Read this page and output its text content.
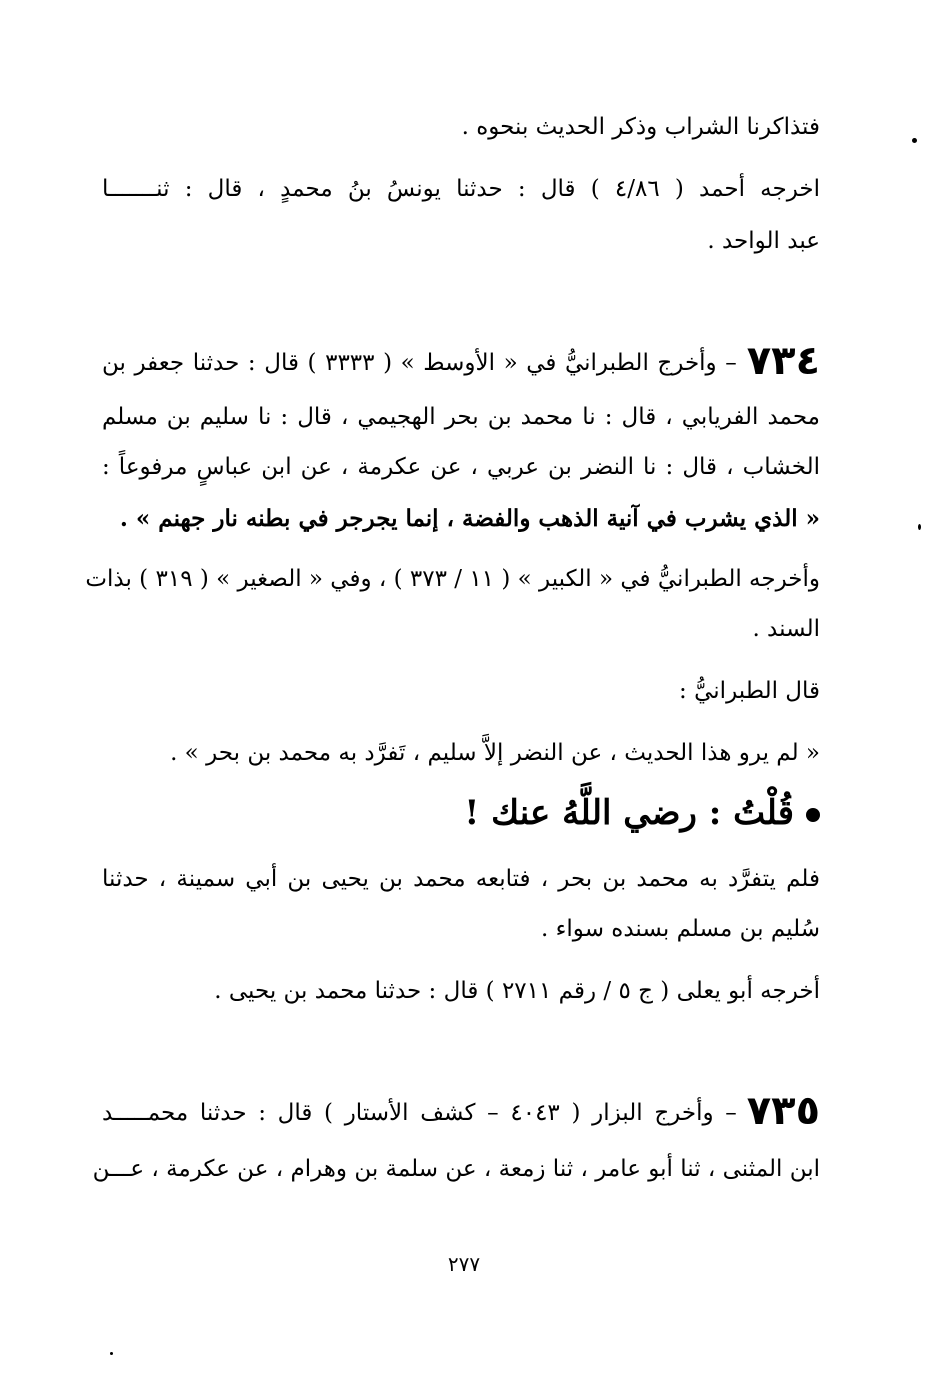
فتذاكرنا الشراب وذكر الحديث بنحوه .
اخرجه أحمد ( ٤/٨٦ ) قال : حدثنا يونسُ بنُ محمدٍ ، قال : ثنـــــــا
عبد الواحد .
٧٣٤– وأخرج الطبرانيُّ في « الأوسط » ( ٣٣٣٣ ) قال : حدثنا جعفر بن
محمد الفريابي ، قال : نا محمد بن بحر الهجيمي ، قال : نا سليم بن مسلم
الخشاب ، قال : نا النضر بن عربي ، عن عكرمة ، عن ابن عباسٍ مرفوعاً :
« الذي يشرب في آنية الذهب والفضة ، إنما يجرجر في بطنه نار جهنم » .
وأخرجه الطبرانيُّ في « الكبير » ( ١١ / ٣٧٣ ) ، وفي « الصغير » ( ٣١٩ ) بذات
السند .
قال الطبرانيُّ :
« لم يرو هذا الحديث ، عن النضر إلاَّ سليم ، تَفرَّد به محمد بن بحر » .
قُلْتُ : رضي اللَّهُ عنك !
فلم يتفرَّد به محمد بن بحر ، فتابعه محمد بن يحيى بن أبي سمينة ، حدثنا
سُليم بن مسلم بسنده سواء .
أخرجه أبو يعلى ( ج ٥ / رقم ٢٧١١ ) قال : حدثنا محمد بن يحيى .
٧٣٥– وأخرج البزار ( ٤٠٤٣ – كشف الأستار ) قال : حدثنا محمـــــد
ابن المثنى ، ثنا أبو عامر ، ثنا زمعة ، عن سلمة بن وهرام ، عن عكرمة ، عـــن
٢٧٧
